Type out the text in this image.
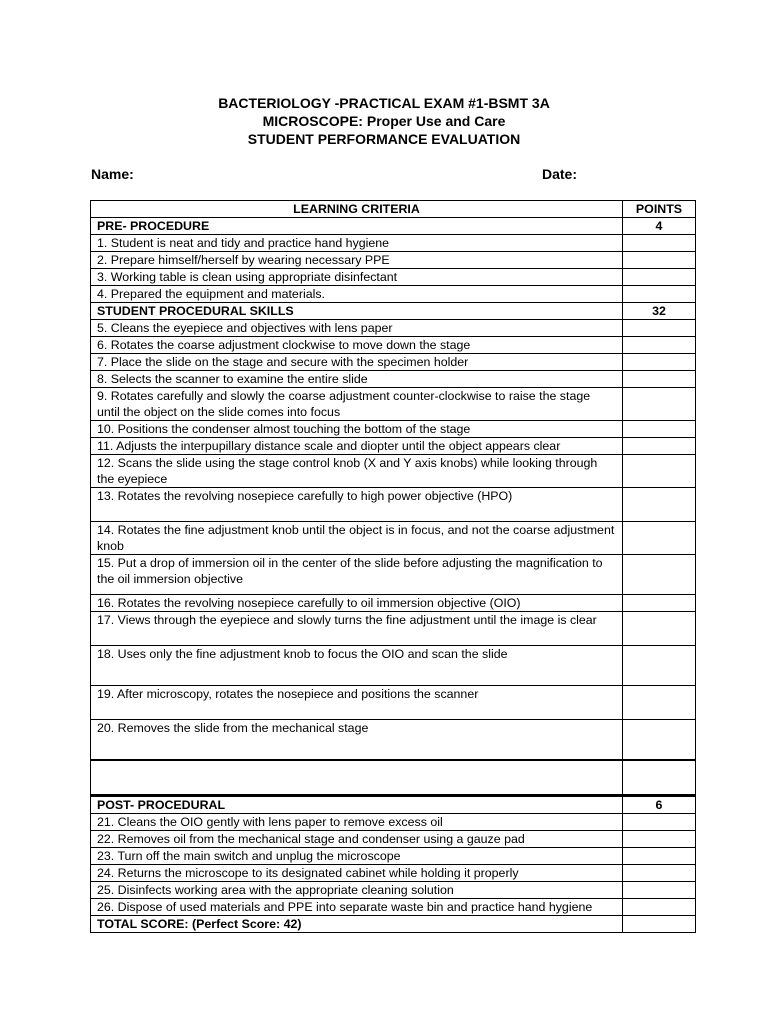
BACTERIOLOGY -PRACTICAL EXAM #1-BSMT 3A
MICROSCOPE: Proper Use and Care
STUDENT PERFORMANCE EVALUATION
Name:	Date:
LEARNING CRITERIA	POINTS
PRE- PROCEDURE	4
1. Student is neat and tidy and practice hand hygiene	
2. Prepare himself/herself by wearing necessary PPE	
3. Working table is clean using appropriate disinfectant	
4. Prepared the equipment and materials.	
STUDENT PROCEDURAL SKILLS	32
5. Cleans the eyepiece and objectives with lens paper	
6. Rotates the coarse adjustment clockwise to move down the stage	
7. Place the slide on the stage and secure with the specimen holder	
8. Selects the scanner to examine the entire slide	
9. Rotates carefully and slowly the coarse adjustment counter-clockwise to raise the stage until the object on the slide comes into focus	
10. Positions the condenser almost touching the bottom of the stage	
11. Adjusts the interpupillary distance scale and diopter until the object appears clear	
12. Scans the slide using the stage control knob (X and Y axis knobs) while looking through the eyepiece	
13. Rotates the revolving nosepiece carefully to high power objective (HPO)	
14. Rotates the fine adjustment knob until the object is in focus, and not the coarse adjustment knob	
15. Put a drop of immersion oil in the center of the slide before adjusting the magnification to the oil immersion objective	
16. Rotates the revolving nosepiece carefully to oil immersion objective (OIO)	
17. Views through the eyepiece and slowly turns the fine adjustment until the image is clear	
18. Uses only the fine adjustment knob to focus the OIO and scan the slide	
19. After microscopy, rotates the nosepiece and positions the scanner	
20. Removes the slide from the mechanical stage	

POST- PROCEDURAL	6
21. Cleans the OIO gently with lens paper to remove excess oil	
22. Removes oil from the mechanical stage and condenser using a gauze pad	
23. Turn off the main switch and unplug the microscope	
24. Returns the microscope to its designated cabinet while holding it properly	
25. Disinfects working area with the appropriate cleaning solution	
26. Dispose of used materials and PPE into separate waste bin and practice hand hygiene	
TOTAL SCORE: (Perfect Score: 42)	
